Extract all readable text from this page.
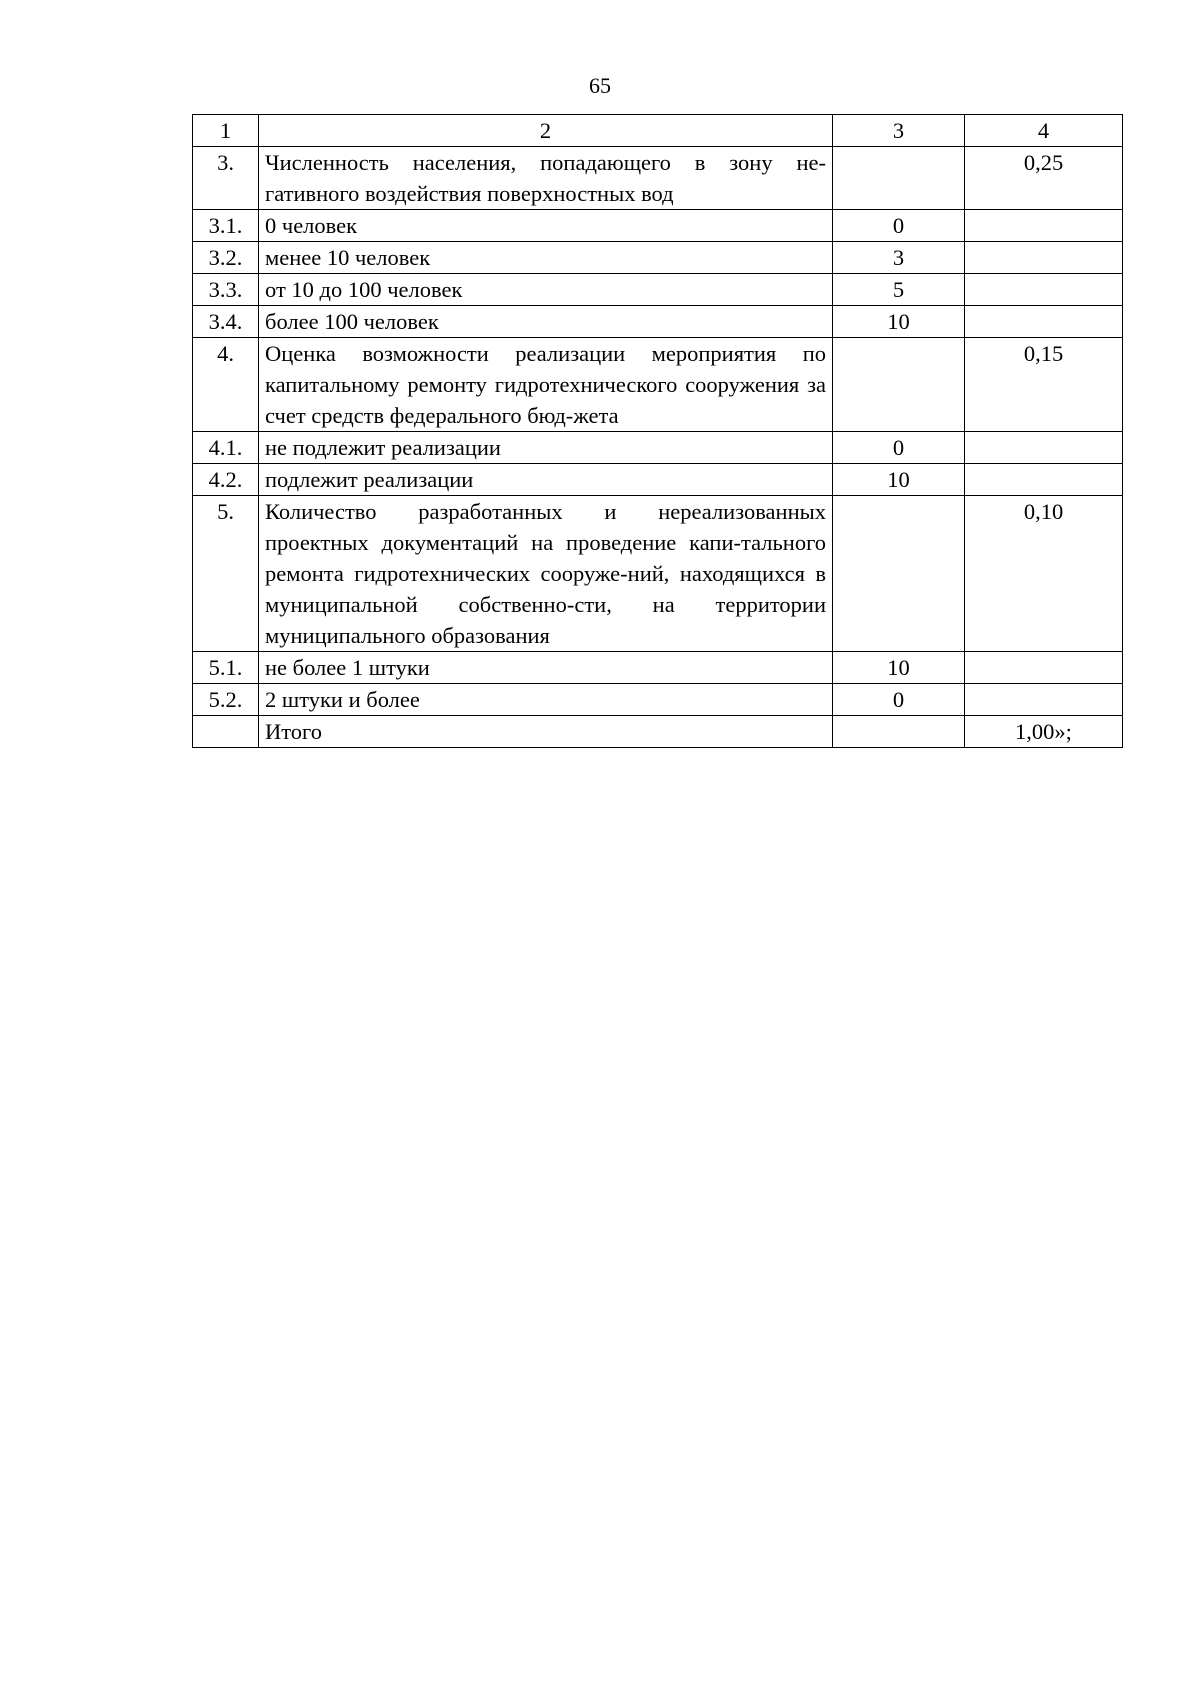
65
1	2	3	4
3.	Численность населения, попадающего в зону не-гативного воздействия поверхностных вод		0,25
3.1.	0 человек	0	
3.2.	менее 10 человек	3	
3.3.	от 10 до 100 человек	5	
3.4.	более 100 человек	10	
4.	Оценка возможности реализации мероприятия по капитальному ремонту гидротехнического сооружения за счет средств федерального бюд-жета		0,15
4.1.	не подлежит реализации	0	
4.2.	подлежит реализации	10	
5.	Количество разработанных и нереализованных проектных документаций на проведение капи-тального ремонта гидротехнических сооруже-ний, находящихся в муниципальной собственно-сти, на территории муниципального образования		0,10
5.1.	не более 1 штуки	10	
5.2.	2 штуки и более	0	
	Итого		1,00»;
